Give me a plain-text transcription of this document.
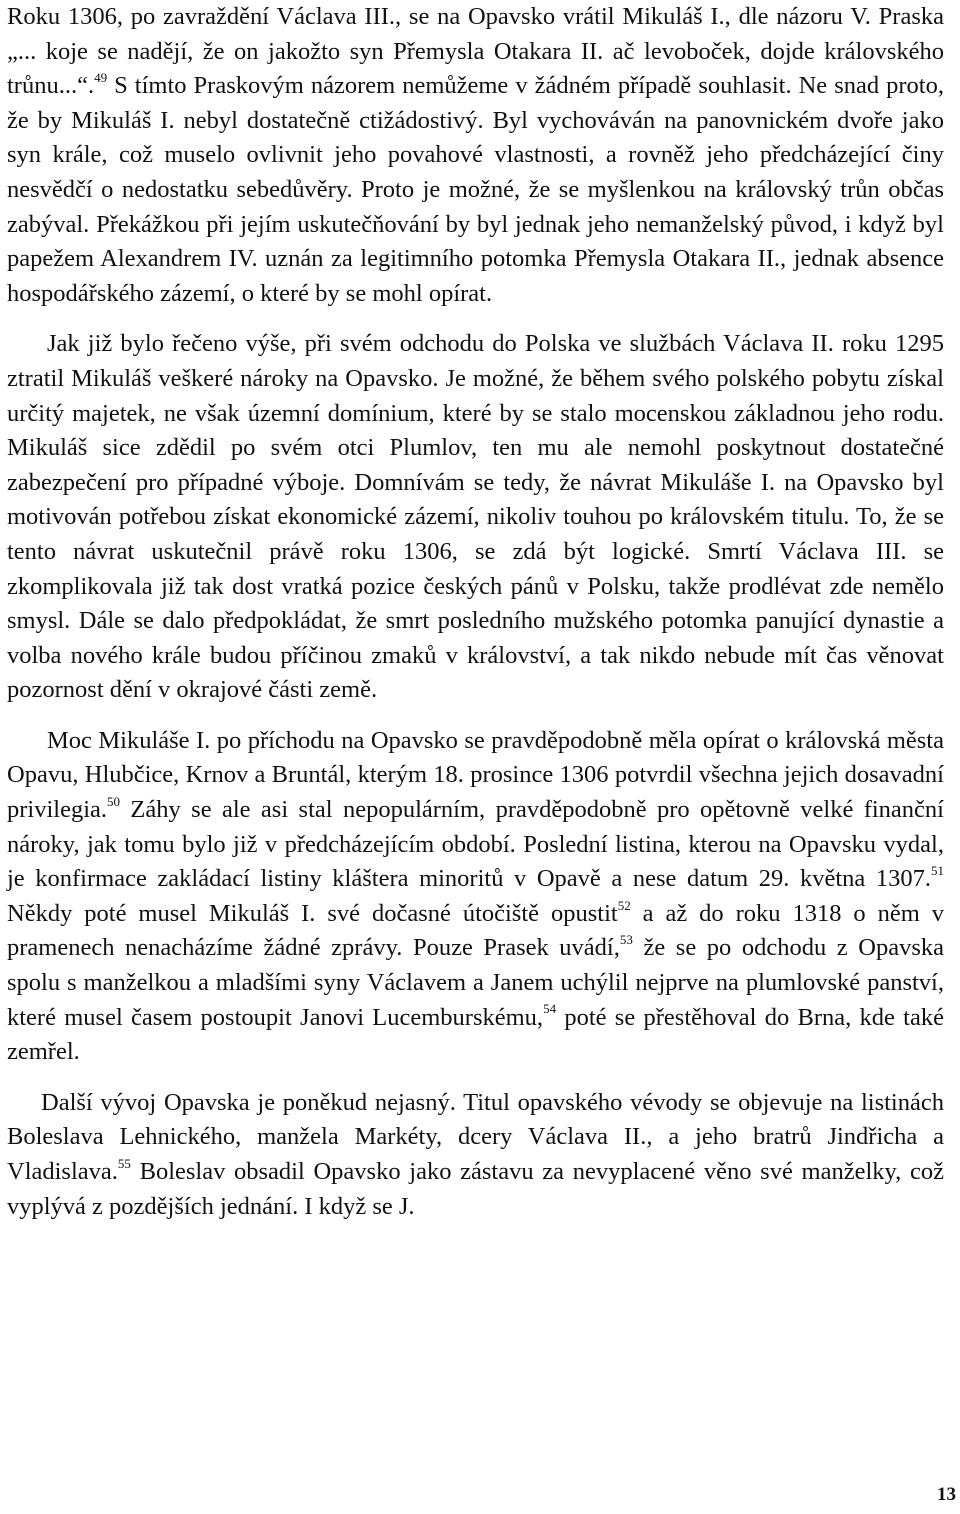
Roku 1306, po zavraždění Václava III., se na Opavsko vrátil Mikuláš I., dle názoru V. Praska „... koje se nadějí, že on jakožto syn Přemysla Otakara II. ač levoboček, dojde královského trůnu...“.$^{49}$ S tímto Praskovým názorem nemůžeme v žádném případě souhlasit. Ne snad proto, že by Mikuláš I. nebyl dostatečně ctižádostivý. Byl vychováván na panovnickém dvoře jako syn krále, což muselo ovlivnit jeho povahové vlastnosti, a rovněž jeho předcházející činy nesvědčí o nedostatku sebedůvěry. Proto je možné, že se myšlenkou na královský trůn občas zabýval. Překážkou při jejím uskutečňování by byl jednak jeho nemanželský původ, i když byl papežem Alexandrem IV. uznán za legitimního potomka Přemysla Otakara II., jednak absence hospodářského zázemí, o které by se mohl opírat.

Jak již bylo řečeno výše, při svém odchodu do Polska ve službách Václava II. roku 1295 ztratil Mikuláš veškeré nároky na Opavsko. Je možné, že během svého polského pobytu získal určitý majetek, ne však územní domínium, které by se stalo mocenskou základnou jeho rodu. Mikuláš sice zdědil po svém otci Plumlov, ten mu ale nemohl poskytnout dostatečné zabezpečení pro případné výboje. Domnívám se tedy, že návrat Mikuláše I. na Opavsko byl motivován potřebou získat ekonomické zázemí, nikoliv touhou po královském titulu. To, že se tento návrat uskutečnil právě roku 1306, se zdá být logické. Smrtí Václava III. se zkomplikovala již tak dost vratká pozice českých pánů v Polsku, takže prodlévat zde nemělo smysl. Dále se dalo předpokládat, že smrt posledního mužského potomka panující dynastie a volba nového krále budou příčinou zmaků v království, a tak nikdo nebude mít čas věnovat pozornost dění v okrajové části země.

Moc Mikuláše I. po příchodu na Opavsko se pravděpodobně měla opírat o královská města Opavu, Hlubčice, Krnov a Bruntál, kterým 18. prosince 1306 potvrdil všechna jejich dosavadní privilegia.$^{50}$ Záhy se ale asi stal nepopulárním, pravděpodobně pro opětovně velké finanční nároky, jak tomu bylo již v předcházejícím období. Poslední listina, kterou na Opavsku vydal, je konfirmace zakládací listiny kláštera minoritů v Opavě a nese datum 29. května 1307.51 Někdy poté musel Mikuláš I. své dočasné útočiště opustit$^{52}$ a až do roku 1318 o něm v pramenech nenacházíme žádné zprávy. Pouze Prasek uvádí,$^{53}$ že se po odchodu z Opavska spolu s manželkou a mladšími syny Václavem a Janem uchýlil nejprve na plumlovské panství, které musel časem postoupit Janovi Lucemburskému,$^{54}$ poté se přestěhoval do Brna, kde také zemřel.

Další vývoj Opavska je poněkud nejasný. Titul opavského vévody se objevuje na listinách Boleslava Lehnického, manžela Markéty, dcery Václava II., a jeho bratrů Jindřicha a Vladislava.$^{55}$ Boleslav obsadil Opavsko jako zástavu za nevyplacené věno své manželky, což vyplývá z pozdějších jednání. I když se J.

13
